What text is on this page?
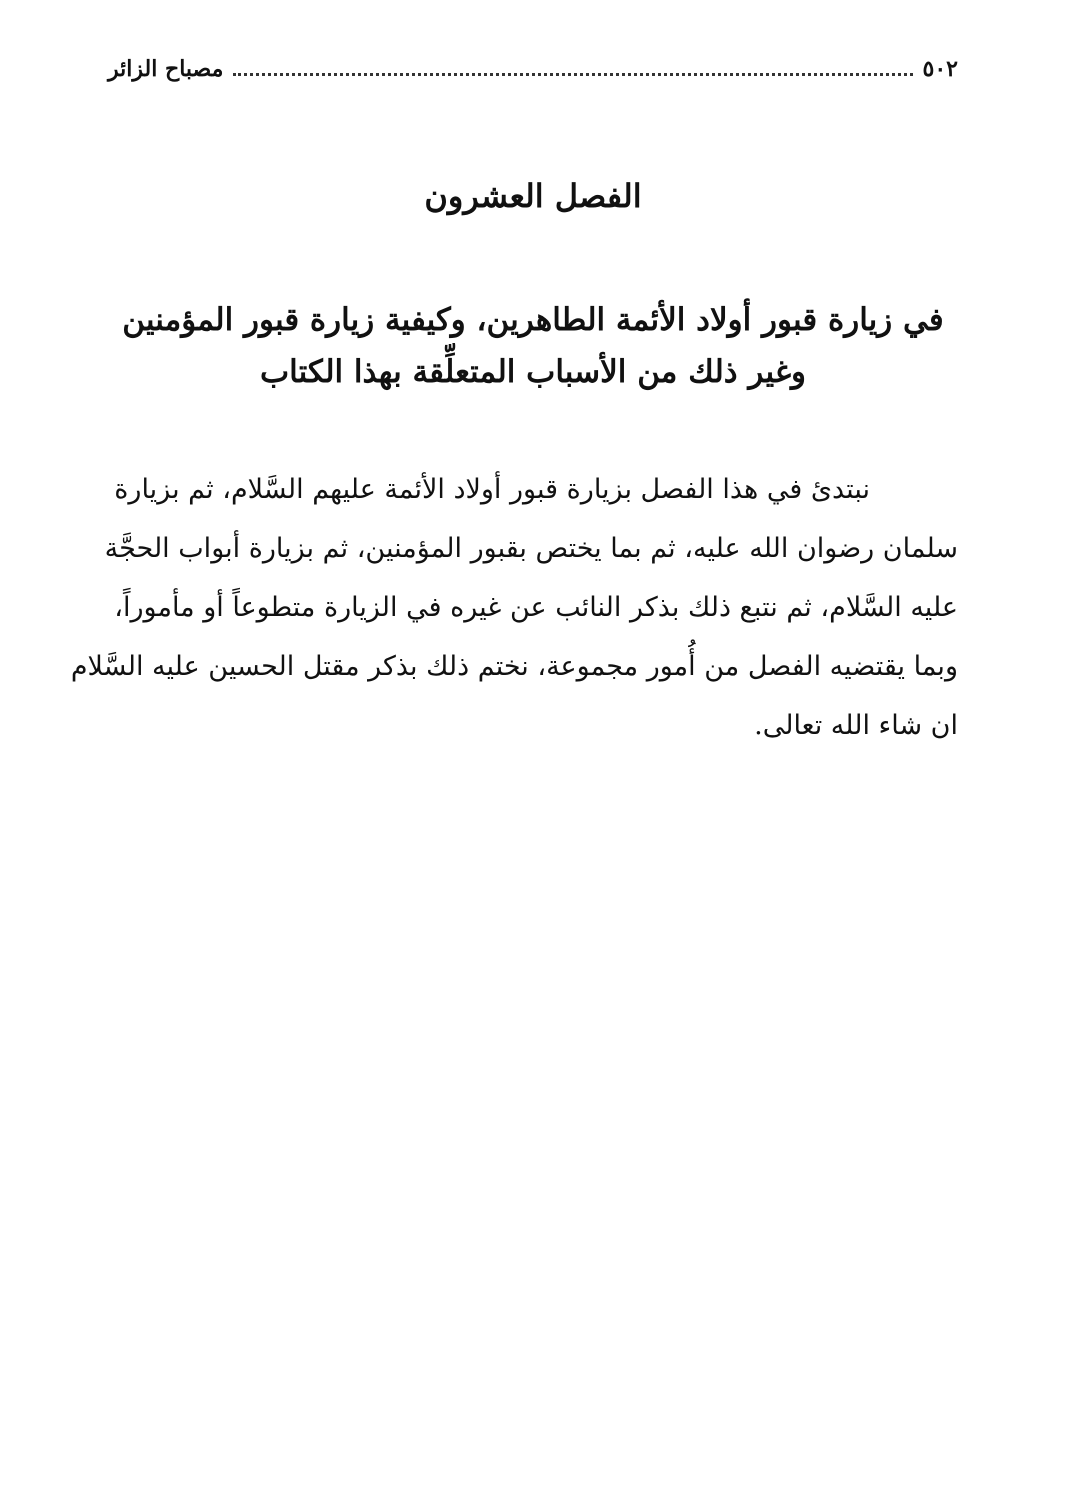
٥٠٢
مصباح الزائر
الفصل العشرون
في زيارة قبور أولاد الأئمة الطاهرين، وكيفية زيارة قبور المؤمنين
وغير ذلك من الأسباب المتعلِّقة بهذا الكتاب
نبتدئ في هذا الفصل بزيارة قبور أولاد الأئمة عليهم السَّلام، ثم بزيارة
سلمان رضوان الله عليه، ثم بما يختص بقبور المؤمنين، ثم بزيارة أبواب الحجَّة
عليه السَّلام، ثم نتبع ذلك بذكر النائب عن غيره في الزيارة متطوعاً أو مأموراً،
وبما يقتضيه الفصل من أُمور مجموعة، نختم ذلك بذكر مقتل الحسين عليه السَّلام
ان شاء الله تعالى.
